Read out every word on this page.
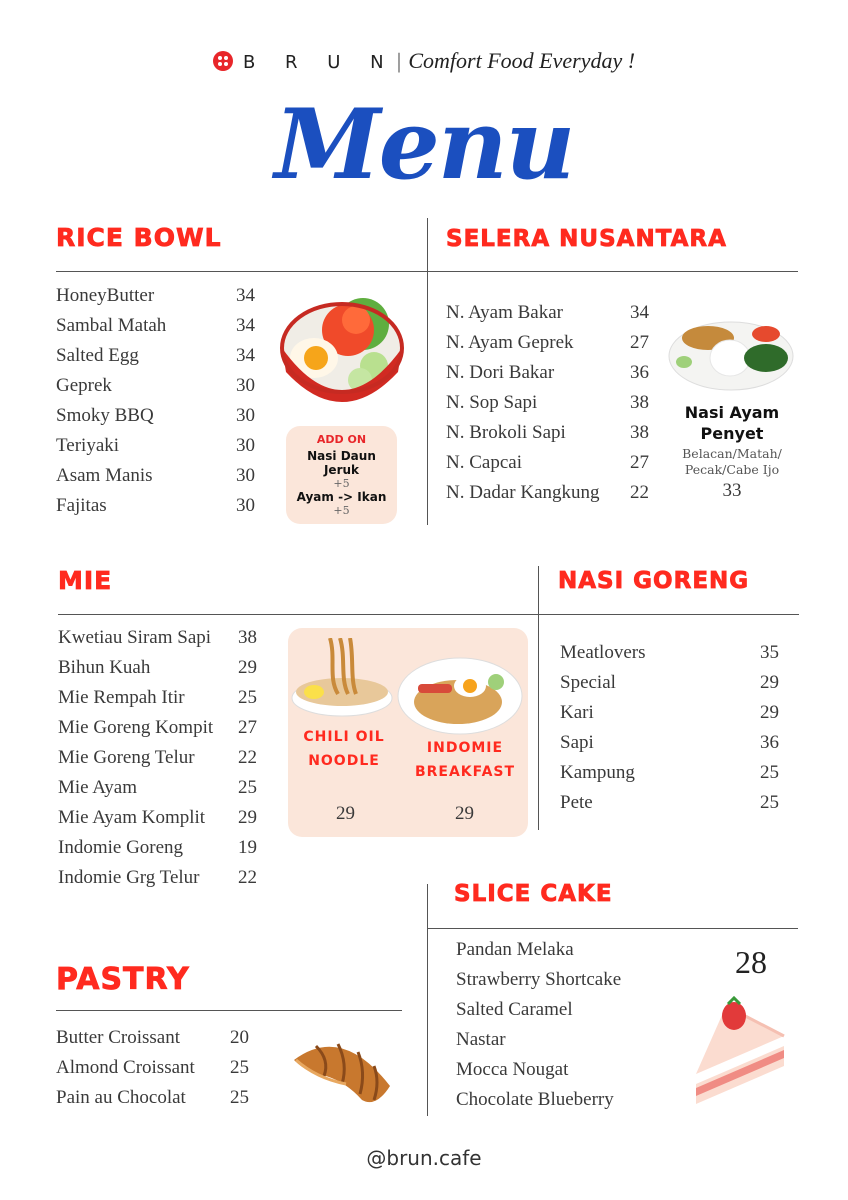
B R U N| Comfort Food Everyday !
Menu
RICE BOWL
HoneyButter	34
Sambal Matah	34
Salted Egg	34
Geprek	30
Smoky BBQ	30
Teriyaki	30
Asam Manis	30
Fajitas	30
ADD ON
Nasi Daun Jeruk
+5
Ayam -> Ikan
+5
SELERA NUSANTARA
N. Ayam Bakar	34
N. Ayam Geprek	27
N. Dori Bakar	36
N. Sop Sapi	38
N. Brokoli Sapi	38
N. Capcai	27
N. Dadar Kangkung 22
Nasi Ayam Penyet
Belacan/Matah/ Pecak/Cabe Ijo
33
MIE
Kwetiau Siram Sapi 38
Bihun Kuah	29
Mie Rempah Itir	25
Mie Goreng Kompit 27
Mie Goreng Telur 22
Mie Ayam	25
Mie Ayam Komplit 29
Indomie Goreng	19
Indomie Grg Telur 22
CHILI OIL NOODLE
INDOMIE BREAKFAST
29	29
NASI GORENG
Meatlovers	35
Special	29
Kari	29
Sapi	36
Kampung	25
Pete	25
SLICE CAKE
28
Pandan Melaka
Strawberry Shortcake
Salted Caramel
Nastar
Mocca Nougat
Chocolate Blueberry
PASTRY
Butter Croissant	20
Almond Croissant 25
Pain au Chocolat 25
@brun.cafe
